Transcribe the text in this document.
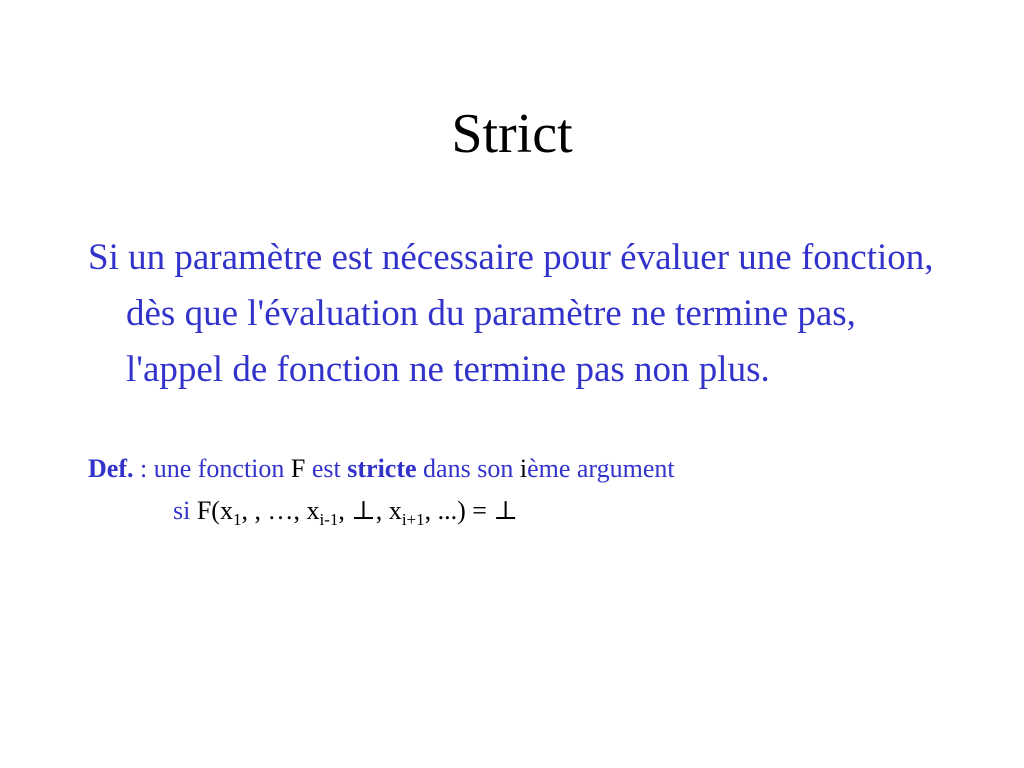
Strict
Si un paramètre est nécessaire pour évaluer une fonction, dès que l'évaluation du paramètre ne termine pas, l'appel de fonction ne termine pas non plus.
Def. : une fonction F est stricte dans son ième argument
si $F(x_1$, , …, $x_{i-1}$, ⊥, $x_{i+1}$, ...) = ⊥
